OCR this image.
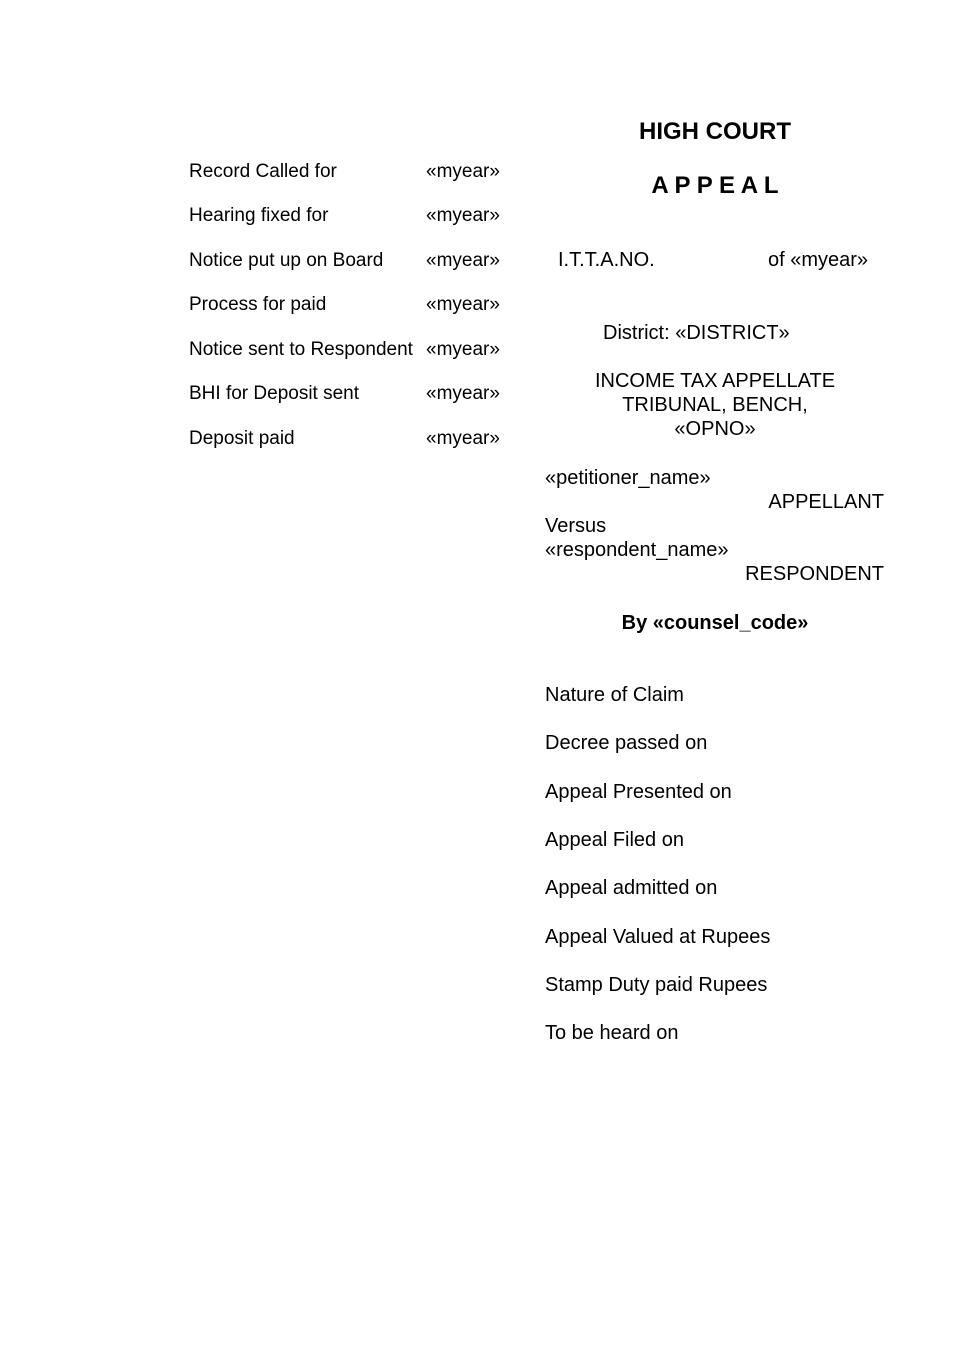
HIGH COURT
A P P E A L
Record Called for	«myear»
Hearing fixed for	«myear»
Notice put up on Board «myear»
Process for paid	«myear»
Notice sent to Respondent «myear»
BHI for Deposit sent	«myear»
Deposit paid	«myear»
I.T.T.A.NO.	of «myear»
District: «DISTRICT»
INCOME TAX APPELLATE
TRIBUNAL, BENCH,
«OPNO»
«petitioner_name»
APPELLANT
Versus
«respondent_name»
RESPONDENT
By «counsel_code»
Nature of Claim
Decree passed on
Appeal Presented on
Appeal Filed on
Appeal admitted on
Appeal Valued at Rupees
Stamp Duty paid Rupees
To be heard on
